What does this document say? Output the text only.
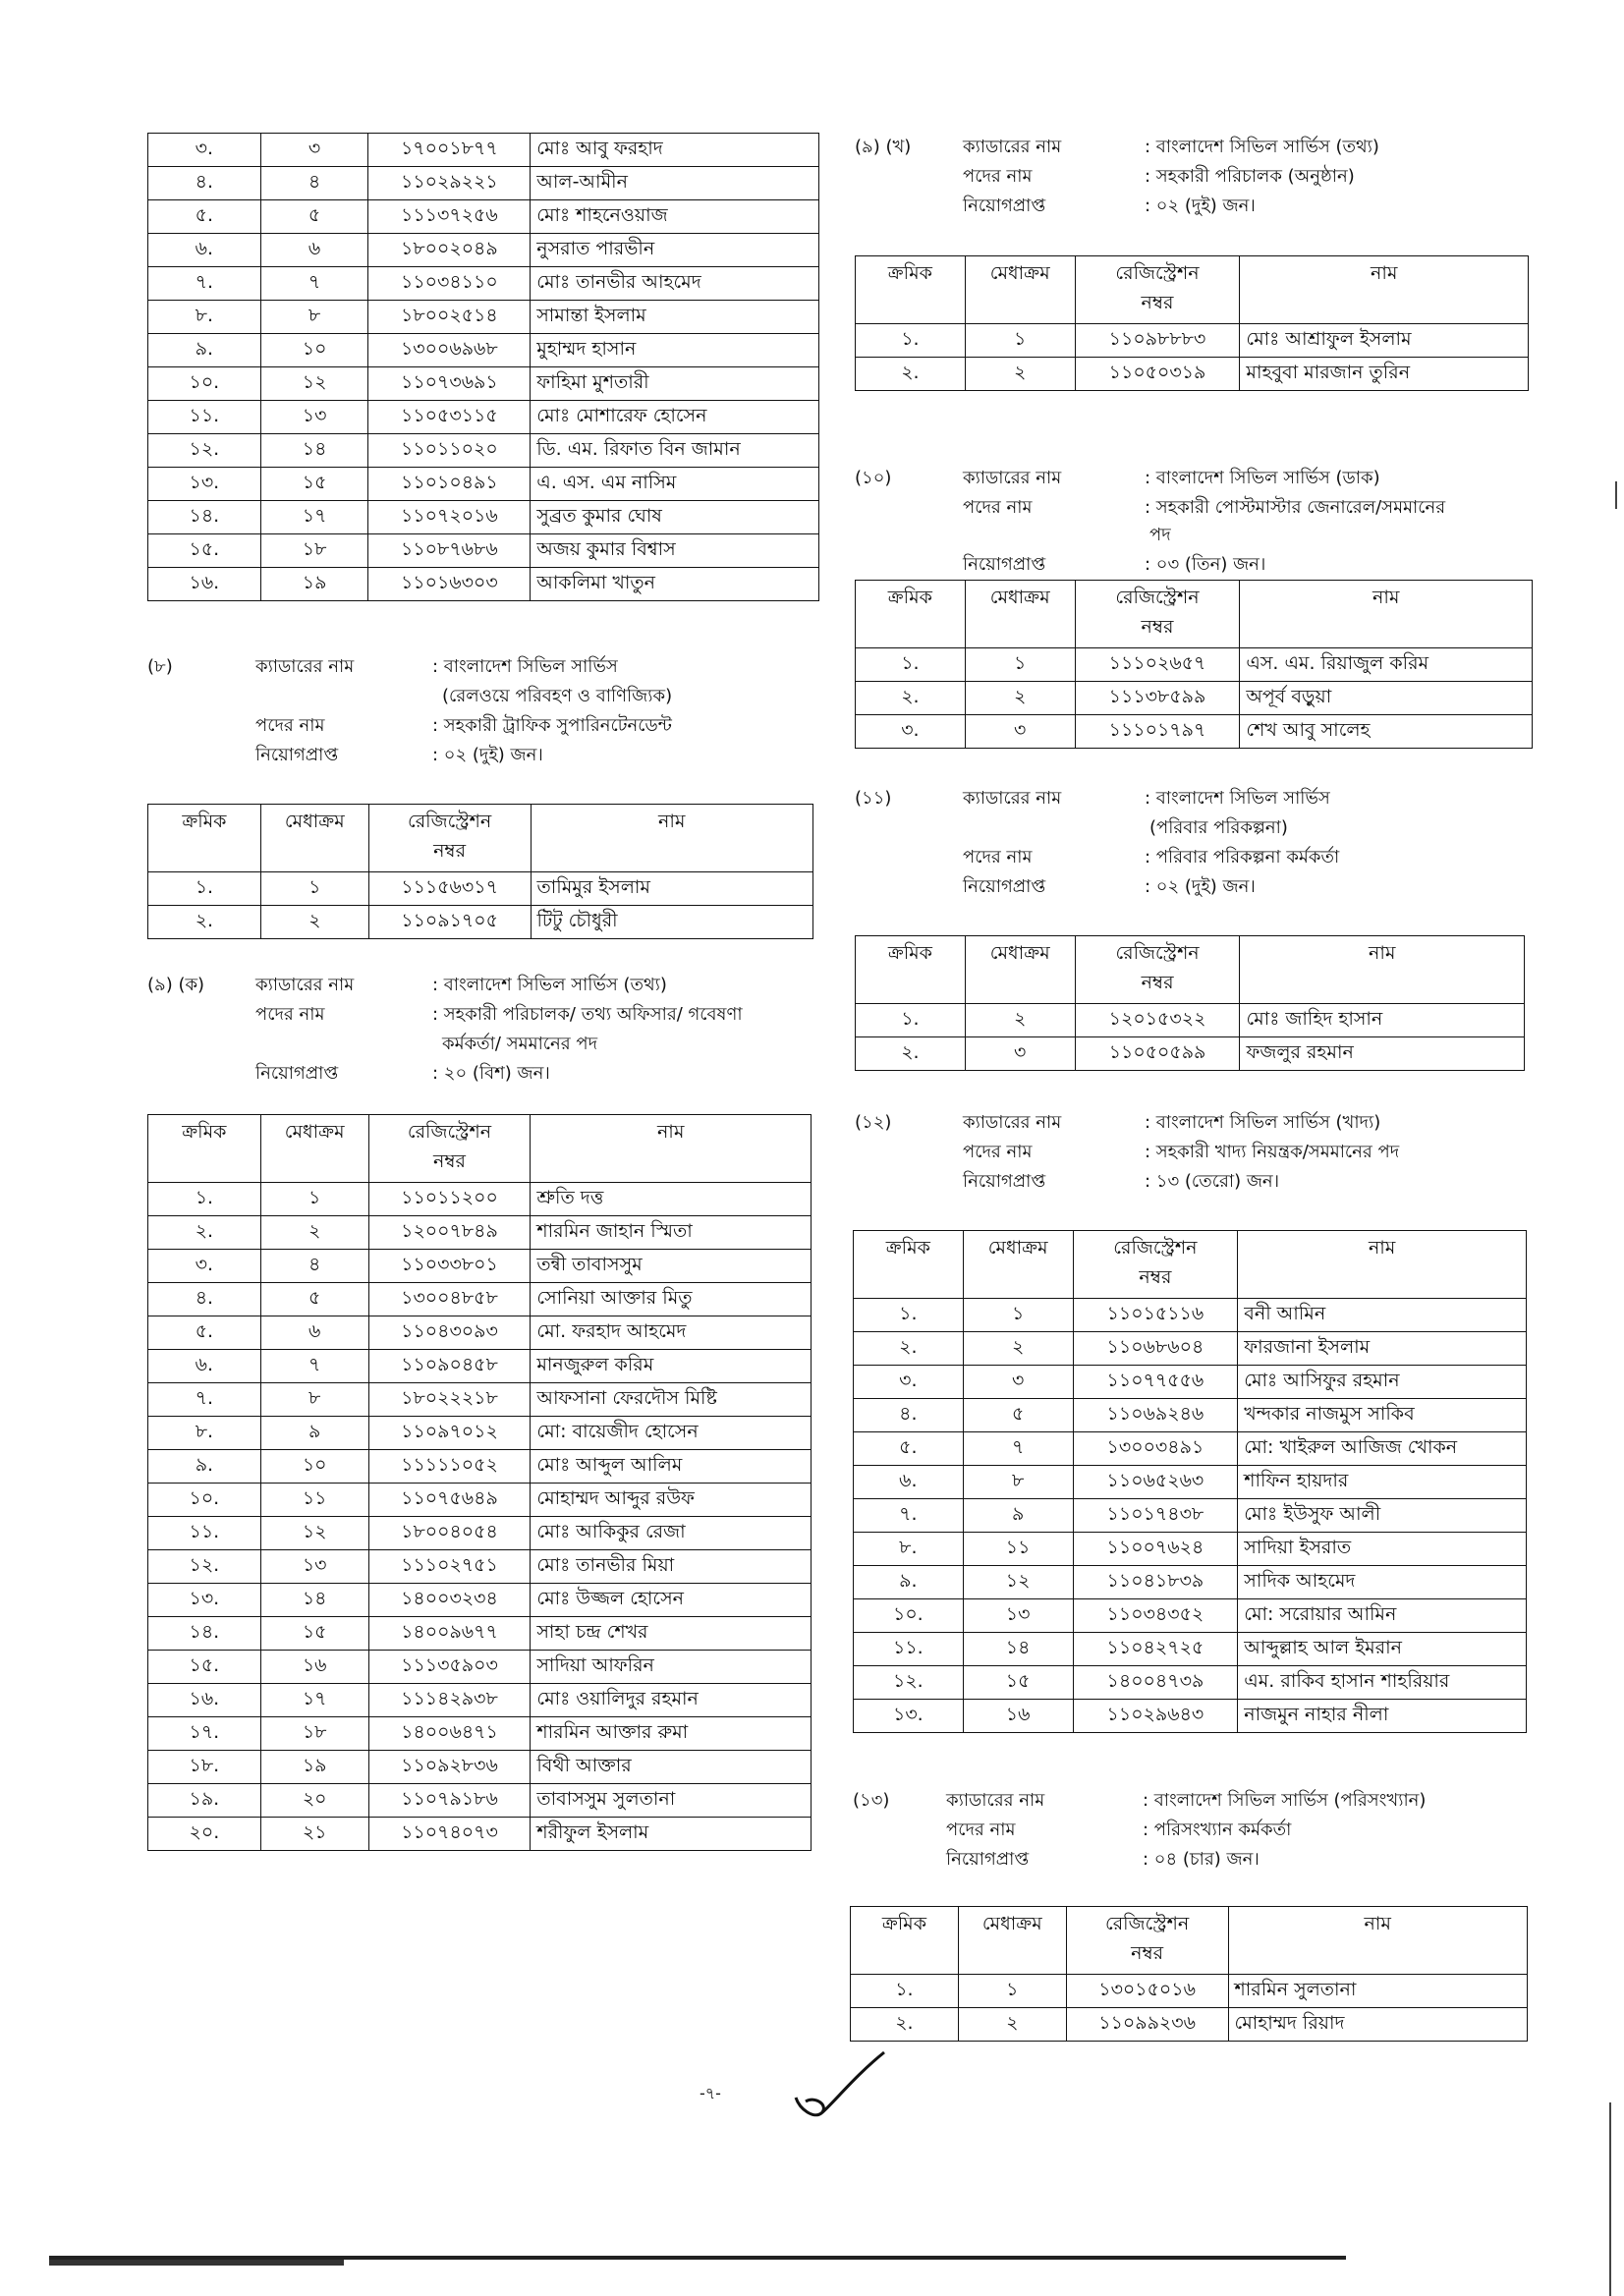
৩.	৩	১৭০০১৮৭৭	মোঃ আবু ফরহাদ
৪.	৪	১১০২৯২২১	আল-আমীন
৫.	৫	১১১৩৭২৫৬	মোঃ শাহনেওয়াজ
৬.	৬	১৮০০২০৪৯	নুসরাত পারভীন
৭.	৭	১১০৩৪১১০	মোঃ তানভীর আহমেদ
৮.	৮	১৮০০২৫১৪	সামান্তা ইসলাম
৯.	১০	১৩০০৬৯৬৮	মুহাম্মদ হাসান
১০.	১২	১১০৭৩৬৯১	ফাহিমা মুশতারী
১১.	১৩	১১০৫৩১১৫	মোঃ মোশারেফ হোসেন
১২.	১৪	১১০১১০২০	ডি. এম. রিফাত বিন জামান
১৩.	১৫	১১০১০৪৯১	এ. এস. এম নাসিম
১৪.	১৭	১১০৭২০১৬	সুব্রত কুমার ঘোষ
১৫.	১৮	১১০৮৭৬৮৬	অজয় কুমার বিশ্বাস
১৬.	১৯	১১০১৬৩০৩	আকলিমা খাতুন
(৮)	ক্যাডারের নাম	: বাংলাদেশ সিভিল সার্ভিস
(রেলওয়ে পরিবহণ ও বাণিজ্যিক)
পদের নাম	: সহকারী ট্রাফিক সুপারিনটেনডেন্ট
নিয়োগপ্রাপ্ত	: ০২ (দুই) জন।
ক্রমিক	মেধাক্রম	রেজিস্ট্রেশন
নম্বর	নাম
১.	১	১১১৫৬৩১৭	তামিমুর ইসলাম
২.	২	১১০৯১৭০৫	টিটু চৌধুরী
(৯) (ক)	ক্যাডারের নাম	: বাংলাদেশ সিভিল সার্ভিস (তথ্য)
পদের নাম	: সহকারী পরিচালক/ তথ্য অফিসার/ গবেষণা
কর্মকর্তা/ সমমানের পদ
নিয়োগপ্রাপ্ত	: ২০ (বিশ) জন।
ক্রমিক	মেধাক্রম	রেজিস্ট্রেশন
নম্বর	নাম
১.	১	১১০১১২০০	শ্রুতি দত্ত
২.	২	১২০০৭৮৪৯	শারমিন জাহান স্মিতা
৩.	৪	১১০৩৩৮০১	তন্বী তাবাসসুম
৪.	৫	১৩০০৪৮৫৮	সোনিয়া আক্তার মিতু
৫.	৬	১১০৪৩০৯৩	মো. ফরহাদ আহমেদ
৬.	৭	১১০৯০৪৫৮	মানজুরুল করিম
৭.	৮	১৮০২২২১৮	আফসানা ফেরদৌস মিষ্টি
৮.	৯	১১০৯৭০১২	মো: বায়েজীদ হোসেন
৯.	১০	১১১১১০৫২	মোঃ আব্দুল আলিম
১০.	১১	১১০৭৫৬৪৯	মোহাম্মদ আব্দুর রউফ
১১.	১২	১৮০০৪০৫৪	মোঃ আকিকুর রেজা
১২.	১৩	১১১০২৭৫১	মোঃ তানভীর মিয়া
১৩.	১৪	১৪০০৩২৩৪	মোঃ উজ্জল হোসেন
১৪.	১৫	১৪০০৯৬৭৭	সাহা চন্দ্র শেখর
১৫.	১৬	১১১৩৫৯০৩	সাদিয়া আফরিন
১৬.	১৭	১১১৪২৯৩৮	মোঃ ওয়ালিদুর রহমান
১৭.	১৮	১৪০০৬৪৭১	শারমিন আক্তার রুমা
১৮.	১৯	১১০৯২৮৩৬	বিথী আক্তার
১৯.	২০	১১০৭৯১৮৬	তাবাসসুম সুলতানা
২০.	২১	১১০৭৪০৭৩	শরীফুল ইসলাম
(৯) (খ)	ক্যাডারের নাম	: বাংলাদেশ সিভিল সার্ভিস (তথ্য)
পদের নাম	: সহকারী পরিচালক (অনুষ্ঠান)
নিয়োগপ্রাপ্ত	: ০২ (দুই) জন।
ক্রমিক	মেধাক্রম	রেজিস্ট্রেশন
নম্বর	নাম
১.	১	১১০৯৮৮৮৩	মোঃ আশ্রাফুল ইসলাম
২.	২	১১০৫০৩১৯	মাহবুবা মারজান তুরিন
(১০)	ক্যাডারের নাম	: বাংলাদেশ সিভিল সার্ভিস (ডাক)
পদের নাম	: সহকারী পোস্টমাস্টার জেনারেল/সমমানের
পদ
নিয়োগপ্রাপ্ত	: ০৩ (তিন) জন।
ক্রমিক	মেধাক্রম	রেজিস্ট্রেশন
নম্বর	নাম
১.	১	১১১০২৬৫৭	এস. এম. রিয়াজুল করিম
২.	২	১১১৩৮৫৯৯	অপূর্ব বড়ুয়া
৩.	৩	১১১০১৭৯৭	শেখ আবু সালেহ
(১১)	ক্যাডারের নাম	: বাংলাদেশ সিভিল সার্ভিস
(পরিবার পরিকল্পনা)
পদের নাম	: পরিবার পরিকল্পনা কর্মকর্তা
নিয়োগপ্রাপ্ত	: ০২ (দুই) জন।
ক্রমিক	মেধাক্রম	রেজিস্ট্রেশন
নম্বর	নাম
১.	২	১২০১৫৩২২	মোঃ জাহিদ হাসান
২.	৩	১১০৫০৫৯৯	ফজলুর রহমান
(১২)	ক্যাডারের নাম	: বাংলাদেশ সিভিল সার্ভিস (খাদ্য)
পদের নাম	: সহকারী খাদ্য নিয়ন্ত্রক/সমমানের পদ
নিয়োগপ্রাপ্ত	: ১৩ (তেরো) জন।
ক্রমিক	মেধাক্রম	রেজিস্ট্রেশন
নম্বর	নাম
১.	১	১১০১৫১১৬	বনী আমিন
২.	২	১১০৬৮৬০৪	ফারজানা ইসলাম
৩.	৩	১১০৭৭৫৫৬	মোঃ আসিফুর রহমান
৪.	৫	১১০৬৯২৪৬	খন্দকার নাজমুস সাকিব
৫.	৭	১৩০০৩৪৯১	মো: খাইরুল আজিজ খোকন
৬.	৮	১১০৬৫২৬৩	শাফিন হায়দার
৭.	৯	১১০১৭৪৩৮	মোঃ ইউসুফ আলী
৮.	১১	১১০০৭৬২৪	সাদিয়া ইসরাত
৯.	১২	১১০৪১৮৩৯	সাদিক আহমেদ
১০.	১৩	১১০৩৪৩৫২	মো: সরোয়ার আমিন
১১.	১৪	১১০৪২৭২৫	আব্দুল্লাহ আল ইমরান
১২.	১৫	১৪০০৪৭৩৯	এম. রাকিব হাসান শাহরিয়ার
১৩.	১৬	১১০২৯৬৪৩	নাজমুন নাহার নীলা
(১৩)	ক্যাডারের নাম	: বাংলাদেশ সিভিল সার্ভিস (পরিসংখ্যান)
পদের নাম	: পরিসংখ্যান কর্মকর্তা
নিয়োগপ্রাপ্ত	: ০৪ (চার) জন।
ক্রমিক	মেধাক্রম	রেজিস্ট্রেশন
নম্বর	নাম
১.	১	১৩০১৫০১৬	শারমিন সুলতানা
২.	২	১১০৯৯২৩৬	মোহাম্মদ রিয়াদ
-৭-
